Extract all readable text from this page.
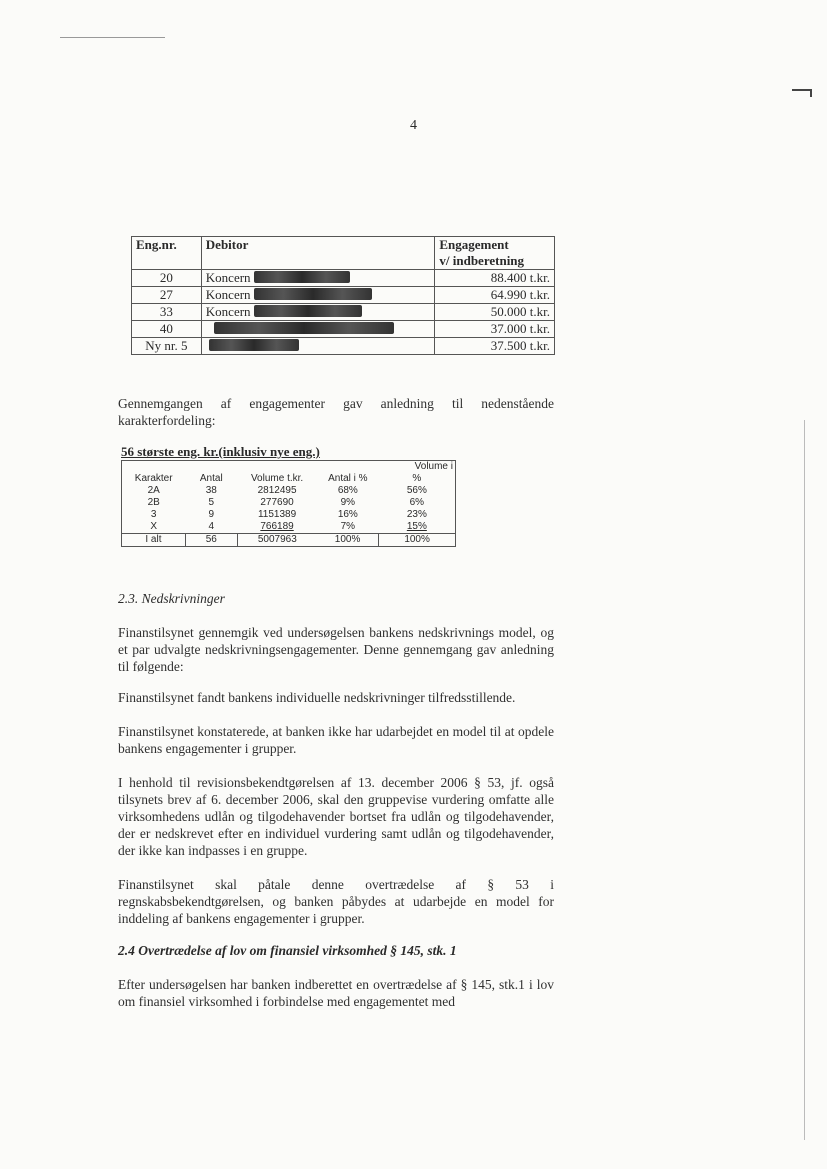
4
Eng.nr.	Debitor	Engagement
v/ indberetning
20	Koncern	88.400 t.kr.
27	Koncern	64.990 t.kr.
33	Koncern	50.000 t.kr.
40		37.000 t.kr.
Ny nr. 5		37.500 t.kr.

Gennemgangen af engagementer gav anledning til nedenstående karakterfordeling:

56 største eng. kr.(inklusiv nye eng.)

				Volume i
Karakter	Antal	Volume t.kr.	Antal i %	%
2A	38	2812495	68%	56%
2B	5	277690	9%	6%
3	9	1151389	16%	23%
X	4	766189	7%	15%
I alt	56	5007963	100%	100%

2.3. Nedskrivninger

Finanstilsynet gennemgik ved undersøgelsen bankens nedskrivnings model, og et par udvalgte nedskrivningsengagementer. Denne gennemgang gav anledning til følgende:

Finanstilsynet fandt bankens individuelle nedskrivninger tilfredsstillende.

Finanstilsynet konstaterede, at banken ikke har udarbejdet en model til at opdele bankens engagementer i grupper.

I henhold til revisionsbekendtgørelsen af 13. december 2006 § 53, jf. også tilsynets brev af 6. december 2006, skal den gruppevise vurdering omfatte alle virksomhedens udlån og tilgodehavender bortset fra udlån og tilgodehavender, der er nedskrevet efter en individuel vurdering samt udlån og tilgodehavender, der ikke kan indpasses i en gruppe.

Finanstilsynet skal påtale denne overtrædelse af § 53 i regnskabsbekendtgørelsen, og banken påbydes at udarbejde en model for inddeling af bankens engagementer i grupper.

2.4 Overtrædelse af lov om finansiel virksomhed § 145, stk. 1

Efter undersøgelsen har banken indberettet en overtrædelse af § 145, stk.1 i lov om finansiel virksomhed i forbindelse med engagementet med
